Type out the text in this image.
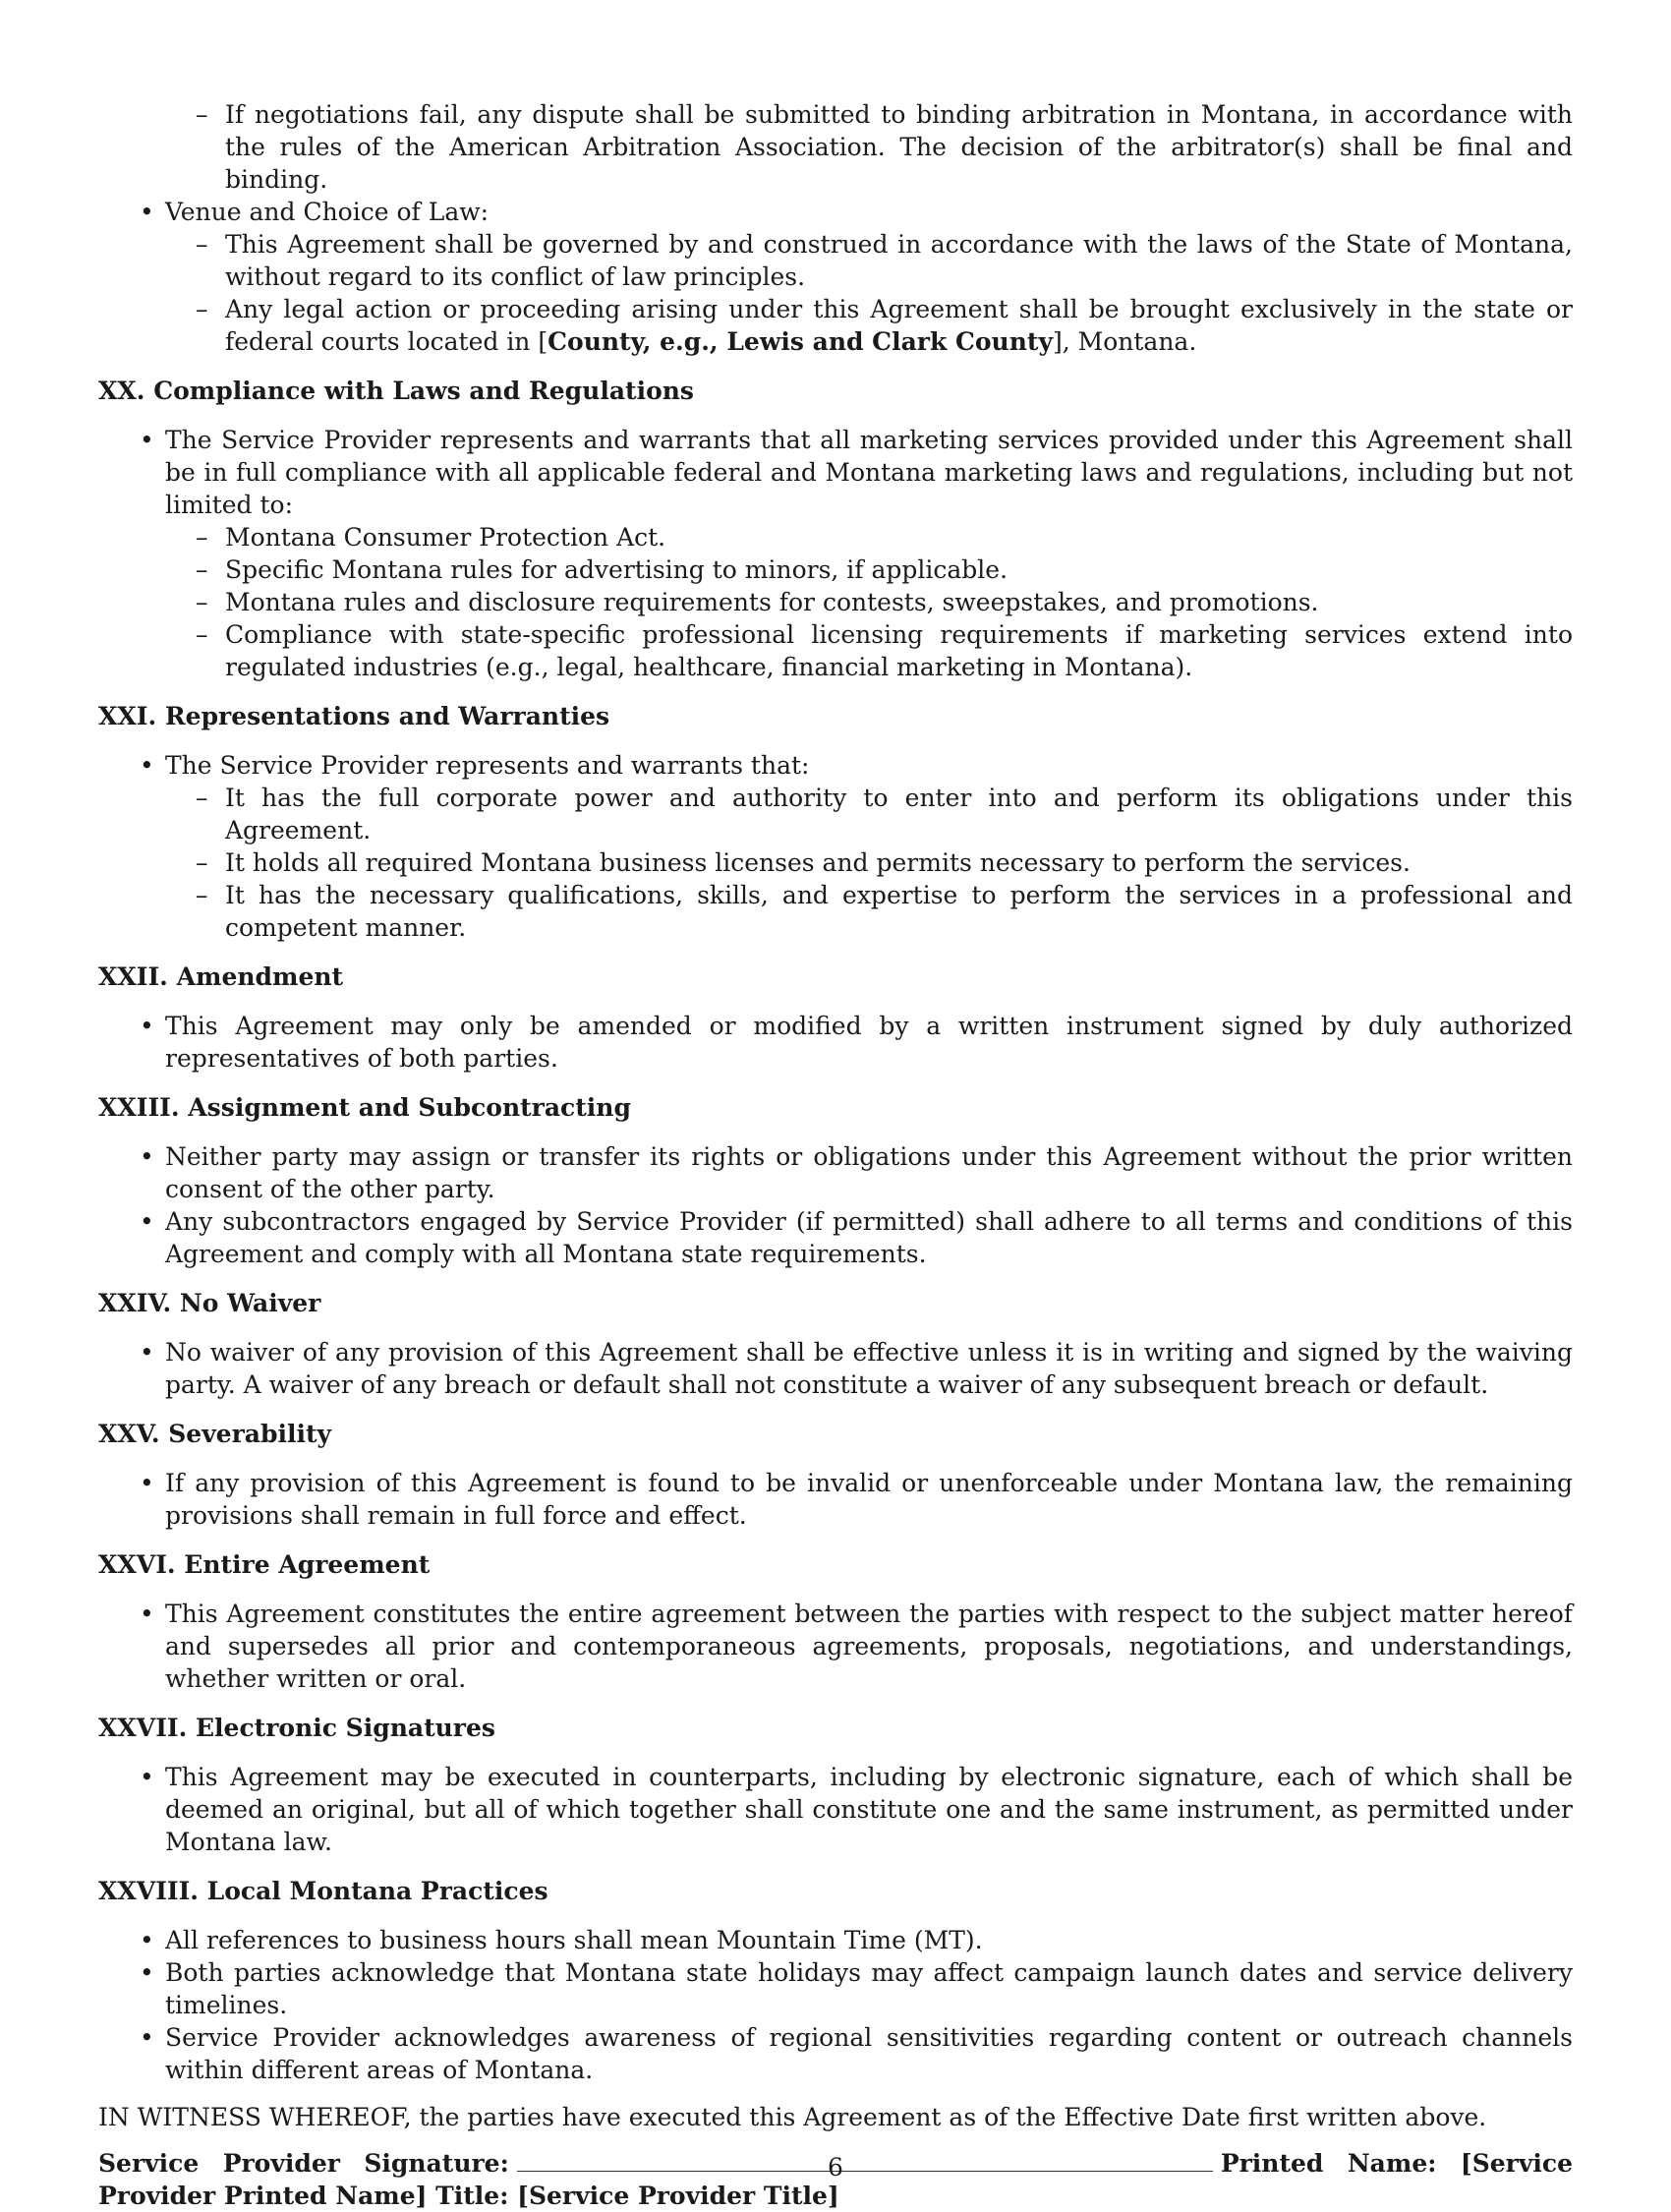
– If negotiations fail, any dispute shall be submitted to binding arbitration in Montana, in accordance with the rules of the American Arbitration Association. The decision of the arbitrator(s) shall be final and binding.
• Venue and Choice of Law:
– This Agreement shall be governed by and construed in accordance with the laws of the State of Montana, without regard to its conflict of law principles.
– Any legal action or proceeding arising under this Agreement shall be brought exclusively in the state or federal courts located in [County, e.g., Lewis and Clark County], Montana.
XX. Compliance with Laws and Regulations
• The Service Provider represents and warrants that all marketing services provided under this Agreement shall be in full compliance with all applicable federal and Montana marketing laws and regulations, including but not limited to:
– Montana Consumer Protection Act.
– Specific Montana rules for advertising to minors, if applicable.
– Montana rules and disclosure requirements for contests, sweepstakes, and promotions.
– Compliance with state-specific professional licensing requirements if marketing services extend into regulated industries (e.g., legal, healthcare, financial marketing in Montana).
XXI. Representations and Warranties
• The Service Provider represents and warrants that:
– It has the full corporate power and authority to enter into and perform its obligations under this Agreement.
– It holds all required Montana business licenses and permits necessary to perform the services.
– It has the necessary qualifications, skills, and expertise to perform the services in a professional and competent manner.
XXII. Amendment
• This Agreement may only be amended or modified by a written instrument signed by duly authorized representatives of both parties.
XXIII. Assignment and Subcontracting
• Neither party may assign or transfer its rights or obligations under this Agreement without the prior written consent of the other party.
• Any subcontractors engaged by Service Provider (if permitted) shall adhere to all terms and conditions of this Agreement and comply with all Montana state requirements.
XXIV. No Waiver
• No waiver of any provision of this Agreement shall be effective unless it is in writing and signed by the waiving party. A waiver of any breach or default shall not constitute a waiver of any subsequent breach or default.
XXV. Severability
• If any provision of this Agreement is found to be invalid or unenforceable under Montana law, the remaining provisions shall remain in full force and effect.
XXVI. Entire Agreement
• This Agreement constitutes the entire agreement between the parties with respect to the subject matter hereof and supersedes all prior and contemporaneous agreements, proposals, negotiations, and understandings, whether written or oral.
XXVII. Electronic Signatures
• This Agreement may be executed in counterparts, including by electronic signature, each of which shall be deemed an original, but all of which together shall constitute one and the same instrument, as permitted under Montana law.
XXVIII. Local Montana Practices
• All references to business hours shall mean Mountain Time (MT).
• Both parties acknowledge that Montana state holidays may affect campaign launch dates and service delivery timelines.
• Service Provider acknowledges awareness of regional sensitivities regarding content or outreach channels within different areas of Montana.
IN WITNESS WHEREOF, the parties have executed this Agreement as of the Effective Date first written above.
Service Provider Signature:	Printed Name: [Service Provider Printed Name] Title: [Service Provider Title]
6
